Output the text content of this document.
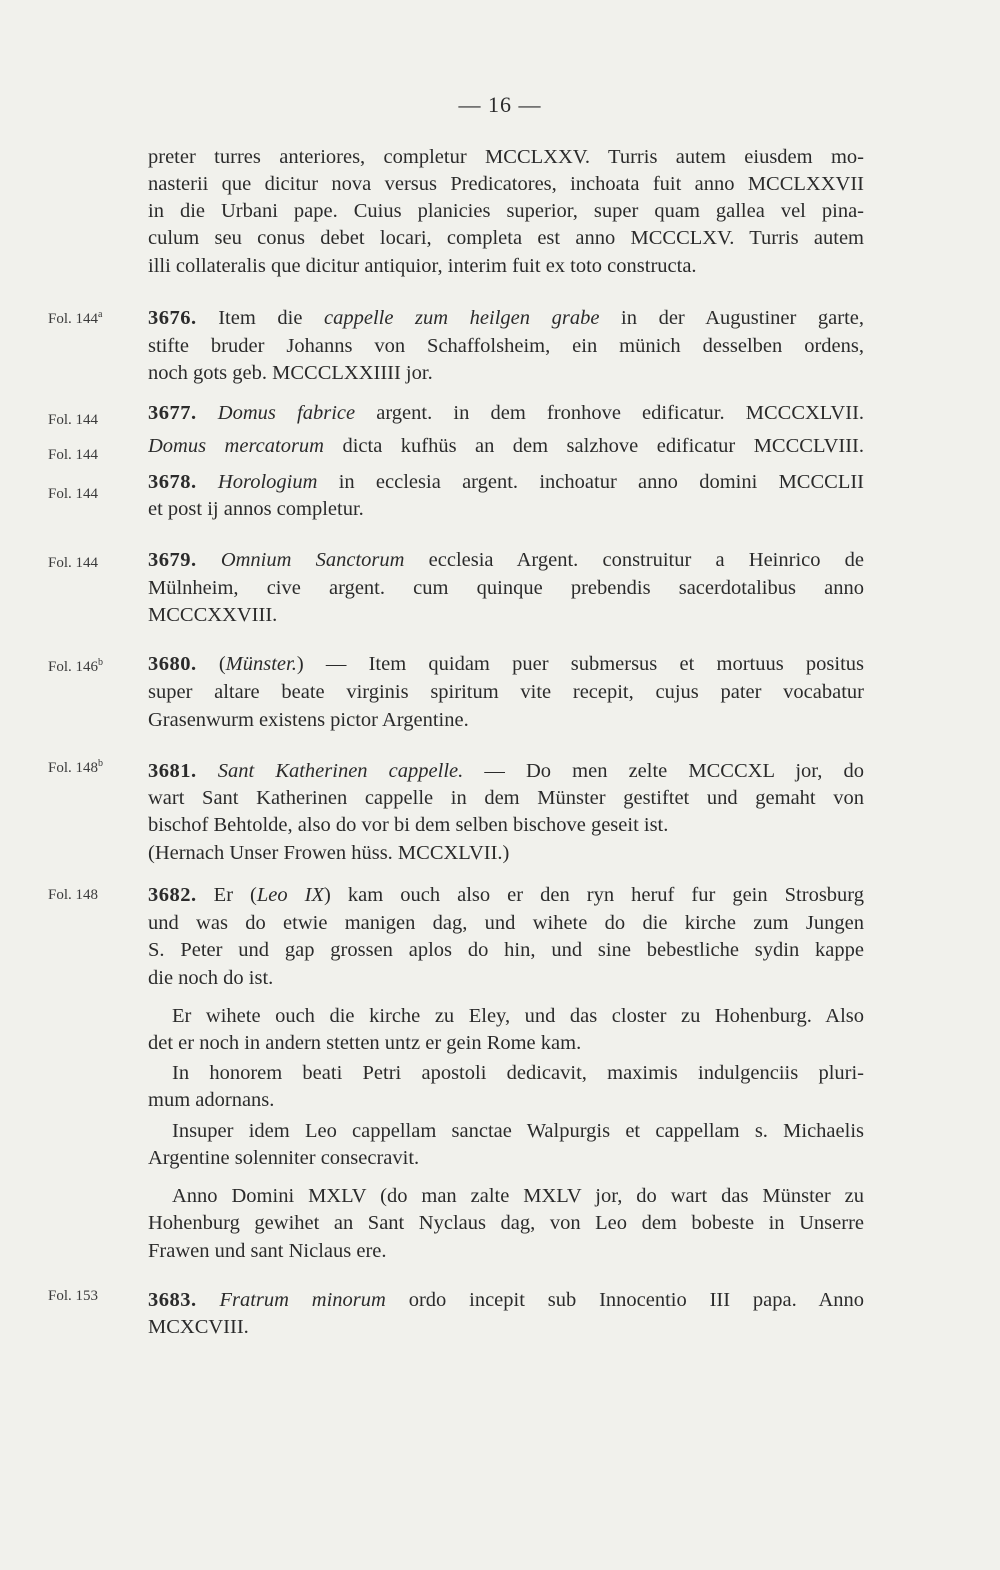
— 16 —
preter turres anteriores, completur MCCLXXV. Turris autem eiusdem mo-
nasterii que dicitur nova versus Predicatores, inchoata fuit anno MCCLXXVII
in die Urbani pape. Cuius planicies superior, super quam gallea vel pina-
culum seu conus debet locari, completa est anno MCCCLXV. Turris autem
illi collateralis que dicitur antiquior, interim fuit ex toto constructa.
3676. Item die cappelle zum heilgen grabe in der Augustiner garte,
stifte bruder Johanns von Schaffolsheim, ein münich desselben ordens,
noch gots geb. MCCCLXXIIII jor.
3677. Domus fabrice argent. in dem fronhove edificatur. MCCCXLVII.
Domus mercatorum dicta kufhüs an dem salzhove edificatur MCCCLVIII.
3678. Horologium in ecclesia argent. inchoatur anno domini MCCCLII
et post ij annos completur.
3679. Omnium Sanctorum ecclesia Argent. construitur a Heinrico de
Mülnheim, cive argent. cum quinque prebendis sacerdotalibus anno
MCCCXXVIII.
3680. (Münster.) — Item quidam puer submersus et mortuus positus
super altare beate virginis spiritum vite recepit, cujus pater vocabatur
Grasenwurm existens pictor Argentine.
3681. Sant Katherinen cappelle. — Do men zelte MCCCXL jor, do
wart Sant Katherinen cappelle in dem Münster gestiftet und gemaht von
bischof Behtolde, also do vor bi dem selben bischove geseit ist.
(Hernach Unser Frowen hüss. MCCXLVII.)
3682. Er (Leo IX) kam ouch also er den ryn heruf fur gein Strosburg
und was do etwie manigen dag, und wihete do die kirche zum Jungen
S. Peter und gap grossen aplos do hin, und sine bebestliche sydin kappe
die noch do ist.
Er wihete ouch die kirche zu Eley, und das closter zu Hohenburg. Also
det er noch in andern stetten untz er gein Rome kam.
In honorem beati Petri apostoli dedicavit, maximis indulgenciis pluri-
mum adornans.
Insuper idem Leo cappellam sanctae Walpurgis et cappellam s. Michaelis
Argentine solenniter consecravit.
Anno Domini MXLV (do man zalte MXLV jor, do wart das Münster zu
Hohenburg gewihet an Sant Nyclaus dag, von Leo dem bobeste in Unserre
Frawen und sant Niclaus ere.
3683. Fratrum minorum ordo incepit sub Innocentio III papa. Anno
MCXCVIII.
Fol. 144$^a$
Fol. 144
Fol. 144
Fol. 144
Fol. 144
Fol. 146$^b$
Fol. 148$^b$
Fol. 148
Fol. 153
